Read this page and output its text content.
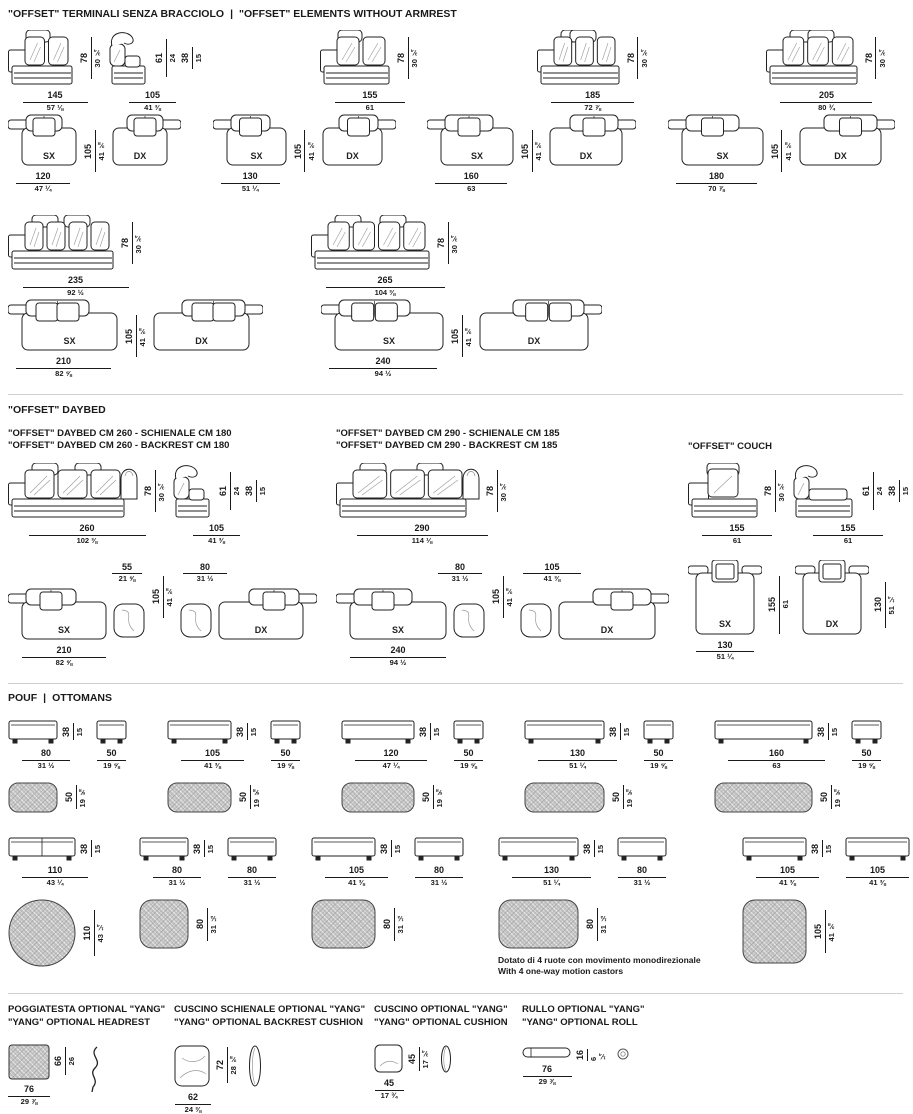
"OFFSET" TERMINALI SENZA BRACCIOLO | "OFFSET" ELEMENTS WITHOUT ARMREST
78 30 ¾
145
57 ⅛
61 24 38 15
105
41 ⅜
78 30 ¾
155
61
78 30 ¾
185
72 ⅞
78 30 ¾
205
80 ¾
SX
120
47 ¼
105 41 ⅜	DX	SX
130
51 ¼
105 41 ⅜	DX	SX
160
63
105 41 ⅜	DX	SX
180
70 ⅞
105 41 ⅜	DX
78 30 ¾
235
92 ½
78 30 ¾
265
104 ⅜
SX
210
82 ⅝
105 41 ⅜	DX	SX
240
94 ½
105 41 ⅜	DX
"OFFSET" DAYBED
"OFFSET" DAYBED CM 260 - SCHIENALE CM 180
"OFFSET" DAYBED CM 260 - BACKREST CM 180
"OFFSET" DAYBED CM 290 - SCHIENALE CM 185
"OFFSET" DAYBED CM 290 - BACKREST CM 185	"OFFSET" COUCH
78 30 ¾
260
102 ⅜
61 24 38 15
105
41 ⅜
78 30 ¾
290
114 ⅛
78 30 ¾
155
61
61 24 38 15
155
61
55
21 ⅝
SX
210
82 ⅝
105 41 ⅜
80
31 ½
DX
80
31 ½
SX
240
94 ½
105 41 ⅜
105
41 ⅜
DX
SX
130
51 ¼
155 61
DX
130 51 ¼
POUF | OTTOMANS
38 15
80
31 ½
50
19 ⅝
50 19 ⅝
38 15
105
41 ⅜
50
19 ⅝
50 19 ⅝
38 15
120
47 ¼
50
19 ⅝
50 19 ⅝
38 15
130
51 ¼
50
19 ⅝
50 19 ⅝
38 15
160
63
50
19 ⅝
50 19 ⅝
38 15
110
43 ¼
110 43 ¼
38 15
80
31 ½
80
31 ½
80 31 ½
38 15
105
41 ⅜
80
31 ½
80 31 ½
38 15
130
51 ¼
80
31 ½
80 31 ½
Dotato di 4 ruote con movimento monodirezionale
With 4 one-way motion castors
38 15
105
41 ⅜
105
41 ⅜
105 41 ⅜
POGGIATESTA OPTIONAL "YANG"
"YANG" OPTIONAL HEADREST
76
29 ⅞
66 26
CUSCINO SCHIENALE OPTIONAL "YANG"
"YANG" OPTIONAL BACKREST CUSHION
62
24 ⅜
72 28 ⅜
CUSCINO OPTIONAL "YANG"
"YANG" OPTIONAL CUSHION
45
17 ¾
45 17 ¾
RULLO OPTIONAL "YANG"
"YANG" OPTIONAL ROLL
76
29 ⅞
16 6 ¼
